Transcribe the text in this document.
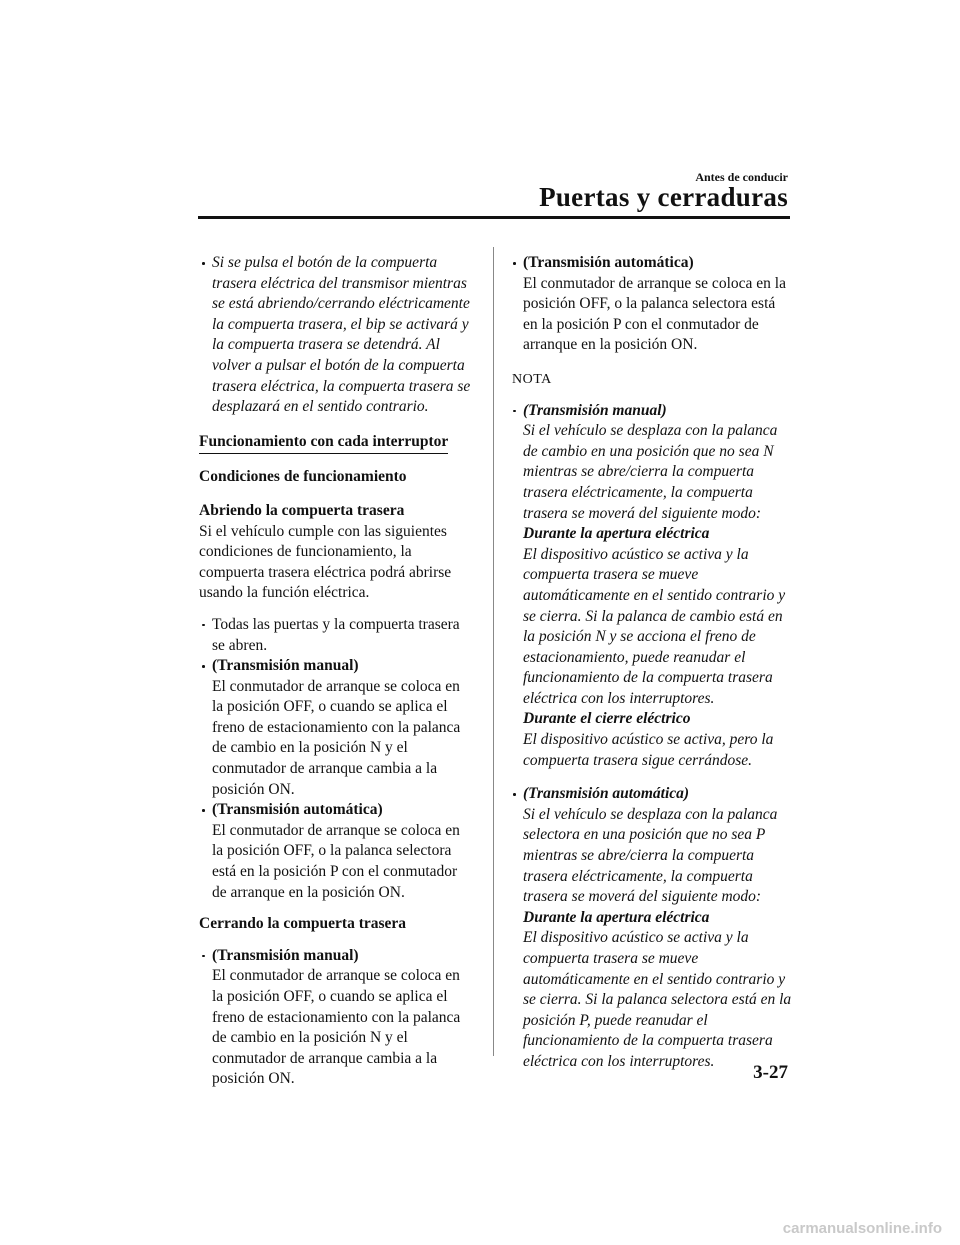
Antes de conducir
Puertas y cerraduras
Si se pulsa el botón de la compuerta trasera eléctrica del transmisor mientras se está abriendo/cerrando eléctricamente la compuerta trasera, el bip se activará y la compuerta trasera se detendrá. Al volver a pulsar el botón de la compuerta trasera eléctrica, la compuerta trasera se desplazará en el sentido contrario.
Funcionamiento con cada interruptor

Condiciones de funcionamiento

Abriendo la compuerta trasera

Si el vehículo cumple con las siguientes condiciones de funcionamiento, la compuerta trasera eléctrica podrá abrirse usando la función eléctrica.

Todas las puertas y la compuerta trasera se abren.
(Transmisión manual)
El conmutador de arranque se coloca en la posición OFF, o cuando se aplica el freno de estacionamiento con la palanca de cambio en la posición N y el conmutador de arranque cambia a la posición ON.
(Transmisión automática)
El conmutador de arranque se coloca en la posición OFF, o la palanca selectora está en la posición P con el conmutador de arranque en la posición ON.

Cerrando la compuerta trasera

(Transmisión manual)
El conmutador de arranque se coloca en la posición OFF, o cuando se aplica el freno de estacionamiento con la palanca de cambio en la posición N y el conmutador de arranque cambia a la posición ON.
(Transmisión automática)
El conmutador de arranque se coloca en la posición OFF, o la palanca selectora está en la posición P con el conmutador de arranque en la posición ON.

NOTA

(Transmisión manual)
Si el vehículo se desplaza con la palanca de cambio en una posición que no sea N mientras se abre/cierra la compuerta trasera eléctricamente, la compuerta trasera se moverá del siguiente modo:
Durante la apertura eléctrica
El dispositivo acústico se activa y la compuerta trasera se mueve automáticamente en el sentido contrario y se cierra. Si la palanca de cambio está en la posición N y se acciona el freno de estacionamiento, puede reanudar el funcionamiento de la compuerta trasera eléctrica con los interruptores.
Durante el cierre eléctrico
El dispositivo acústico se activa, pero la compuerta trasera sigue cerrándose.
(Transmisión automática)
Si el vehículo se desplaza con la palanca selectora en una posición que no sea P mientras se abre/cierra la compuerta trasera eléctricamente, la compuerta trasera se moverá del siguiente modo:
Durante la apertura eléctrica
El dispositivo acústico se activa y la compuerta trasera se mueve automáticamente en el sentido contrario y se cierra. Si la palanca selectora está en la posición P, puede reanudar el funcionamiento de la compuerta trasera eléctrica con los interruptores.
3-27
carmanualsonline.info
